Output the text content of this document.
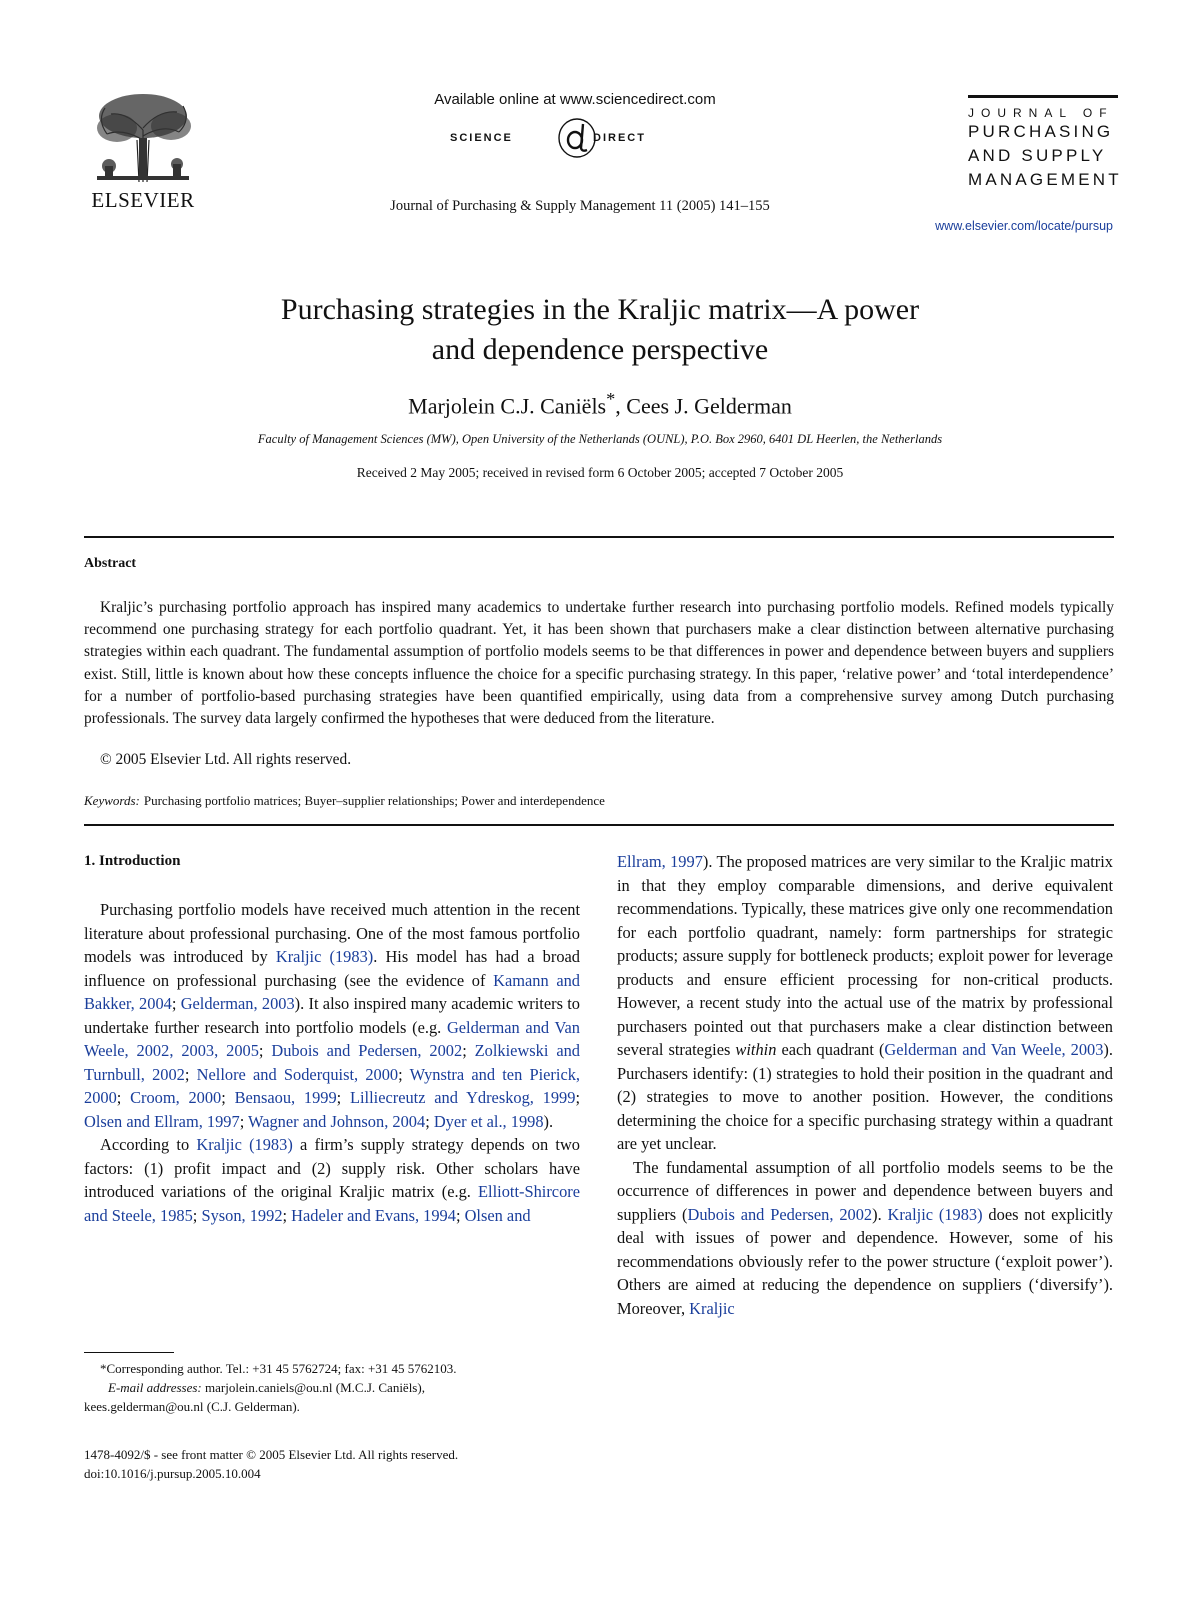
ELSEVIER
Available online at www.sciencedirect.com
SCIENCE	DIRECT
Journal of Purchasing & Supply Management 11 (2005) 141–155
JOURNAL OF
PURCHASING
AND SUPPLY
MANAGEMENT
www.elsevier.com/locate/pursup
Purchasing strategies in the Kraljic matrix—A power
and dependence perspective
Marjolein C.J. Caniëls*, Cees J. Gelderman
Faculty of Management Sciences (MW), Open University of the Netherlands (OUNL), P.O. Box 2960, 6401 DL Heerlen, the Netherlands
Received 2 May 2005; received in revised form 6 October 2005; accepted 7 October 2005
Abstract
Kraljic’s purchasing portfolio approach has inspired many academics to undertake further research into purchasing portfolio models. Refined models typically recommend one purchasing strategy for each portfolio quadrant. Yet, it has been shown that purchasers make a clear distinction between alternative purchasing strategies within each quadrant. The fundamental assumption of portfolio models seems to be that differences in power and dependence between buyers and suppliers exist. Still, little is known about how these concepts influence the choice for a specific purchasing strategy. In this paper, ‘relative power’ and ‘total interdependence’ for a number of portfolio-based purchasing strategies have been quantified empirically, using data from a comprehensive survey among Dutch purchasing professionals. The survey data largely confirmed the hypotheses that were deduced from the literature.
© 2005 Elsevier Ltd. All rights reserved.
Keywords: Purchasing portfolio matrices; Buyer–supplier relationships; Power and interdependence
1. Introduction

Purchasing portfolio models have received much attention in the recent literature about professional purchasing. One of the most famous portfolio models was introduced by Kraljic (1983). His model has had a broad influence on professional purchasing (see the evidence of Kamann and Bakker, 2004; Gelderman, 2003). It also inspired many academic writers to undertake further research into portfolio models (e.g. Gelderman and Van Weele, 2002, 2003, 2005; Dubois and Pedersen, 2002; Zolkiewski and Turnbull, 2002; Nellore and Soderquist, 2000; Wynstra and ten Pierick, 2000; Croom, 2000; Bensaou, 1999; Lilliecreutz and Ydreskog, 1999; Olsen and Ellram, 1997; Wagner and Johnson, 2004; Dyer et al., 1998).

According to Kraljic (1983) a firm’s supply strategy depends on two factors: (1) profit impact and (2) supply risk. Other scholars have introduced variations of the original Kraljic matrix (e.g. Elliott-Shircore and Steele, 1985; Syson, 1992; Hadeler and Evans, 1994; Olsen and

Ellram, 1997). The proposed matrices are very similar to the Kraljic matrix in that they employ comparable dimensions, and derive equivalent recommendations. Typically, these matrices give only one recommendation for each portfolio quadrant, namely: form partnerships for strategic products; assure supply for bottleneck products; exploit power for leverage products and ensure efficient processing for non-critical products. However, a recent study into the actual use of the matrix by professional purchasers pointed out that purchasers make a clear distinction between several strategies within each quadrant (Gelderman and Van Weele, 2003). Purchasers identify: (1) strategies to hold their position in the quadrant and (2) strategies to move to another position. However, the conditions determining the choice for a specific purchasing strategy within a quadrant are yet unclear.

The fundamental assumption of all portfolio models seems to be the occurrence of differences in power and dependence between buyers and suppliers (Dubois and Pedersen, 2002). Kraljic (1983) does not explicitly deal with issues of power and dependence. However, some of his recommendations obviously refer to the power structure (‘exploit power’). Others are aimed at reducing the dependence on suppliers (‘diversify’). Moreover, Kraljic

*Corresponding author. Tel.: +31 45 5762724; fax: +31 45 5762103.
E-mail addresses: marjolein.caniels@ou.nl (M.C.J. Caniëls),
kees.gelderman@ou.nl (C.J. Gelderman).
1478-4092/$ - see front matter © 2005 Elsevier Ltd. All rights reserved.
doi:10.1016/j.pursup.2005.10.004
